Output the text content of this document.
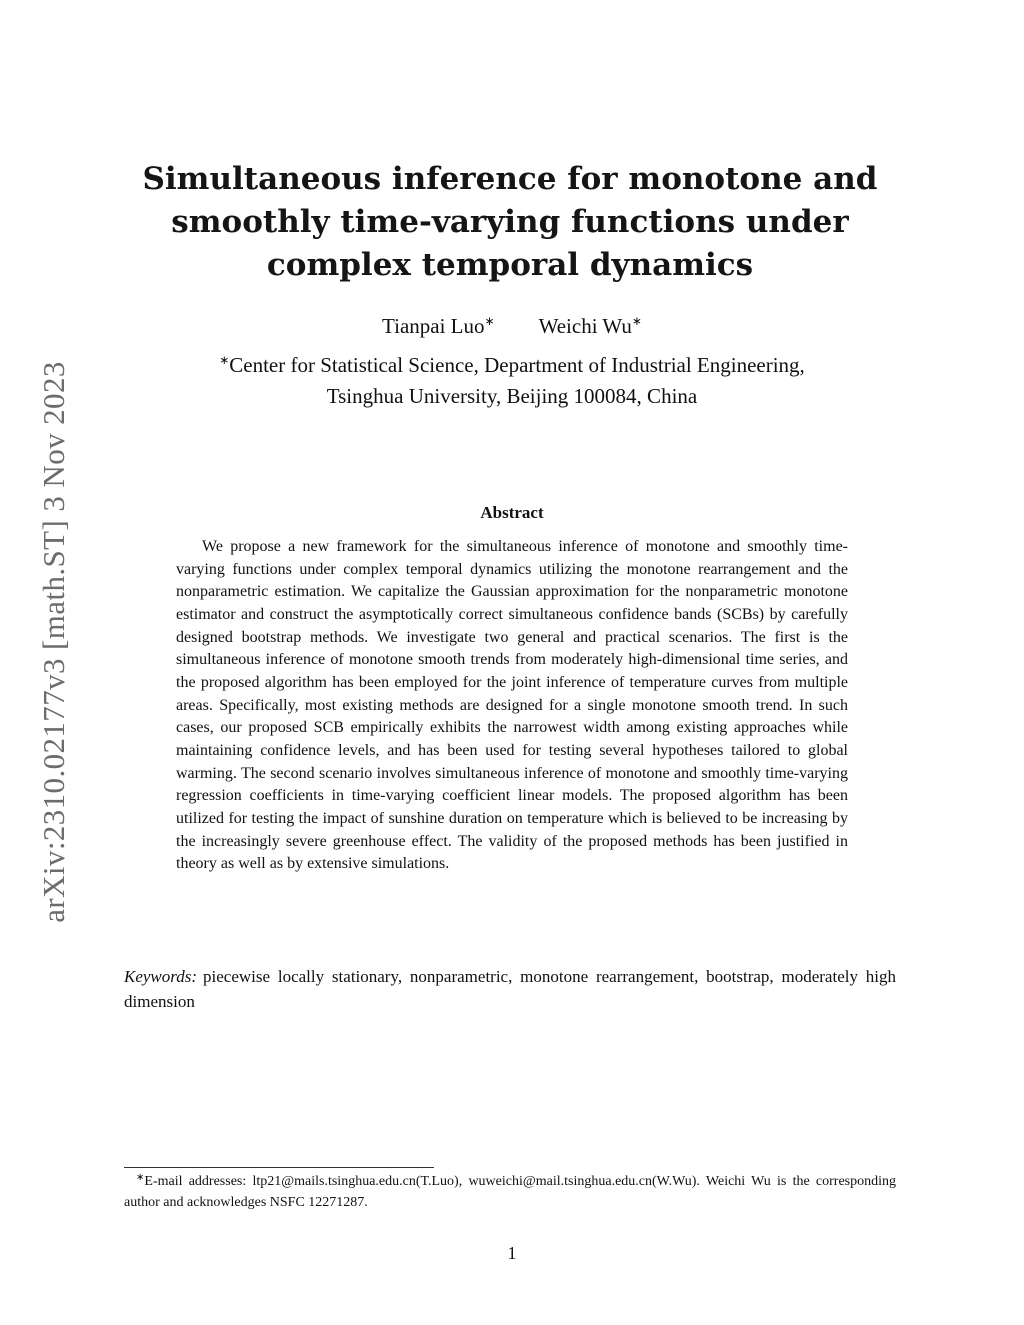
arXiv:2310.02177v3 [math.ST] 3 Nov 2023
Simultaneous inference for monotone and smoothly time-varying functions under complex temporal dynamics
Tianpai Luo∗ Weichi Wu∗
∗Center for Statistical Science, Department of Industrial Engineering,
Tsinghua University, Beijing 100084, China
Abstract

We propose a new framework for the simultaneous inference of monotone and smoothly time-varying functions under complex temporal dynamics utilizing the monotone rearrangement and the nonparametric estimation. We capitalize the Gaussian approximation for the nonparametric monotone estimator and construct the asymptotically correct simultaneous confidence bands (SCBs) by carefully designed bootstrap methods. We investigate two general and practical scenarios. The first is the simultaneous inference of monotone smooth trends from moderately high-dimensional time series, and the proposed algorithm has been employed for the joint inference of temperature curves from multiple areas. Specifically, most existing methods are designed for a single monotone smooth trend. In such cases, our proposed SCB empirically exhibits the narrowest width among existing approaches while maintaining confidence levels, and has been used for testing several hypotheses tailored to global warming. The second scenario involves simultaneous inference of monotone and smoothly time-varying regression coefficients in time-varying coefficient linear models. The proposed algorithm has been utilized for testing the impact of sunshine duration on temperature which is believed to be increasing by the increasingly severe greenhouse effect. The validity of the proposed methods has been justified in theory as well as by extensive simulations.

Keywords: piecewise locally stationary, nonparametric, monotone rearrangement, bootstrap, moderately high dimension

∗E-mail addresses: ltp21@mails.tsinghua.edu.cn(T.Luo), wuweichi@mail.tsinghua.edu.cn(W.Wu). Weichi Wu is the corresponding author and acknowledges NSFC 12271287.

1
